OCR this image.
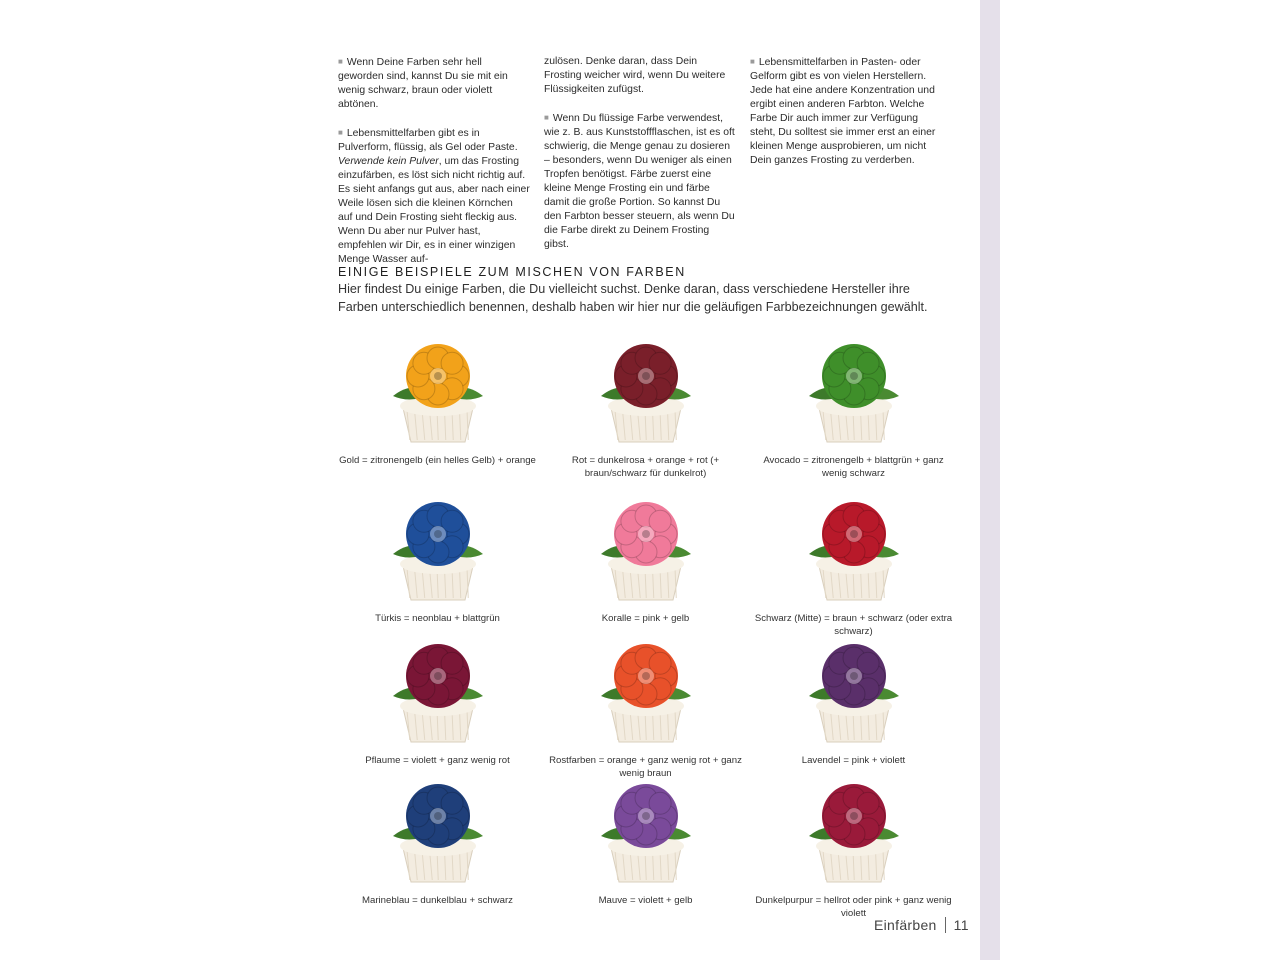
■ Wenn Deine Farben sehr hell geworden sind, kannst Du sie mit ein wenig schwarz, braun oder violett abtönen.

■ Lebensmittelfarben gibt es in Pulverform, flüssig, als Gel oder Paste. Verwende kein Pulver, um das Frosting einzufärben, es löst sich nicht richtig auf. Es sieht anfangs gut aus, aber nach einer Weile lösen sich die kleinen Körnchen auf und Dein Frosting sieht fleckig aus. Wenn Du aber nur Pulver hast, empfehlen wir Dir, es in einer winzigen Menge Wasser auf-

zulösen. Denke daran, dass Dein Frosting weicher wird, wenn Du weitere Flüssigkeiten zufügst.

■ Wenn Du flüssige Farbe verwendest, wie z. B. aus Kunststoffflaschen, ist es oft schwierig, die Menge genau zu dosieren – besonders, wenn Du weniger als einen Tropfen benötigst. Färbe zuerst eine kleine Menge Frosting ein und färbe damit die große Portion. So kannst Du den Farbton besser steuern, als wenn Du die Farbe direkt zu Deinem Frosting gibst.

■ Lebensmittelfarben in Pasten- oder Gelform gibt es von vielen Herstellern. Jede hat eine andere Konzentration und ergibt einen anderen Farbton. Welche Farbe Dir auch immer zur Verfügung steht, Du solltest sie immer erst an einer kleinen Menge ausprobieren, um nicht Dein ganzes Frosting zu verderben.

EINIGE BEISPIELE ZUM MISCHEN VON FARBEN
Hier findest Du einige Farben, die Du vielleicht suchst. Denke daran, dass verschiedene Hersteller ihre Farben unterschiedlich benennen, deshalb haben wir hier nur die geläufigen Farbbezeichnungen gewählt.
Gold = zitronengelb (ein helles Gelb) + orange	Rot = dunkelrosa + orange + rot (+ braun/schwarz für dunkelrot)
Avocado = zitronengelb + blattgrün + ganz wenig schwarz
Türkis = neonblau + blattgrün	Koralle = pink + gelb	Schwarz (Mitte) = braun + schwarz (oder extra schwarz)
Pflaume = violett + ganz wenig rot	Rostfarben = orange + ganz wenig rot + ganz wenig braun
Lavendel = pink + violett
Marineblau = dunkelblau + schwarz	Mauve = violett + gelb	Dunkelpurpur = hellrot oder pink + ganz wenig violett
Einfärben 11
